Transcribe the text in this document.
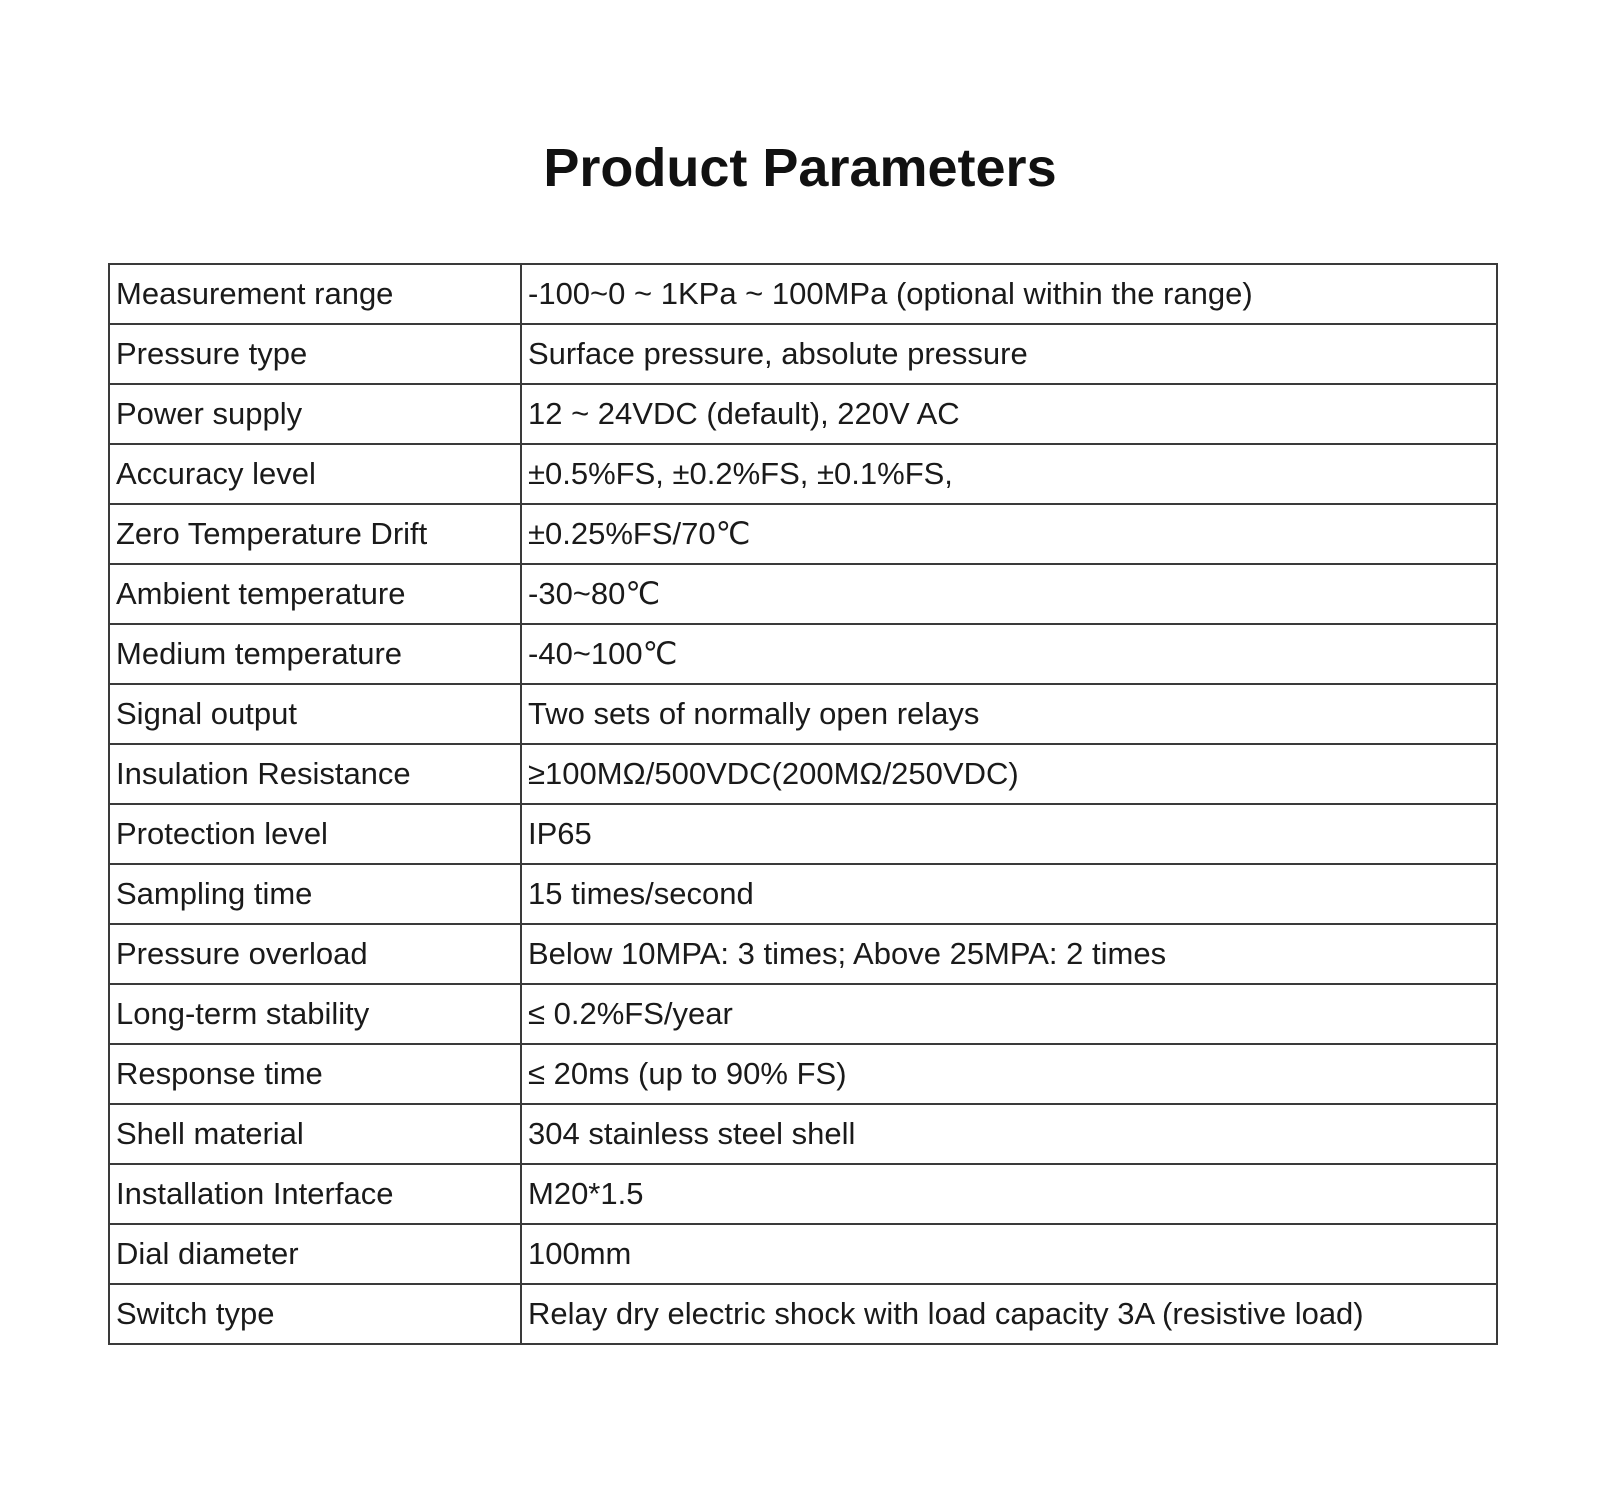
Product Parameters
Measurement range	-100~0 ~ 1KPa ~ 100MPa (optional within the range)
Pressure type	Surface pressure, absolute pressure
Power supply	12 ~ 24VDC (default), 220V AC
Accuracy level	±0.5%FS, ±0.2%FS, ±0.1%FS,
Zero Temperature Drift	±0.25%FS/70℃
Ambient temperature	-30~80℃
Medium temperature	-40~100℃
Signal output	Two sets of normally open relays
Insulation Resistance	≥100MΩ/500VDC(200MΩ/250VDC)
Protection level	IP65
Sampling time	15 times/second
Pressure overload	Below 10MPA: 3 times; Above 25MPA: 2 times
Long-term stability	≤ 0.2%FS/year
Response time	≤ 20ms (up to 90% FS)
Shell material	304 stainless steel shell
Installation Interface	M20*1.5
Dial diameter	100mm
Switch type	Relay dry electric shock with load capacity 3A (resistive load)
